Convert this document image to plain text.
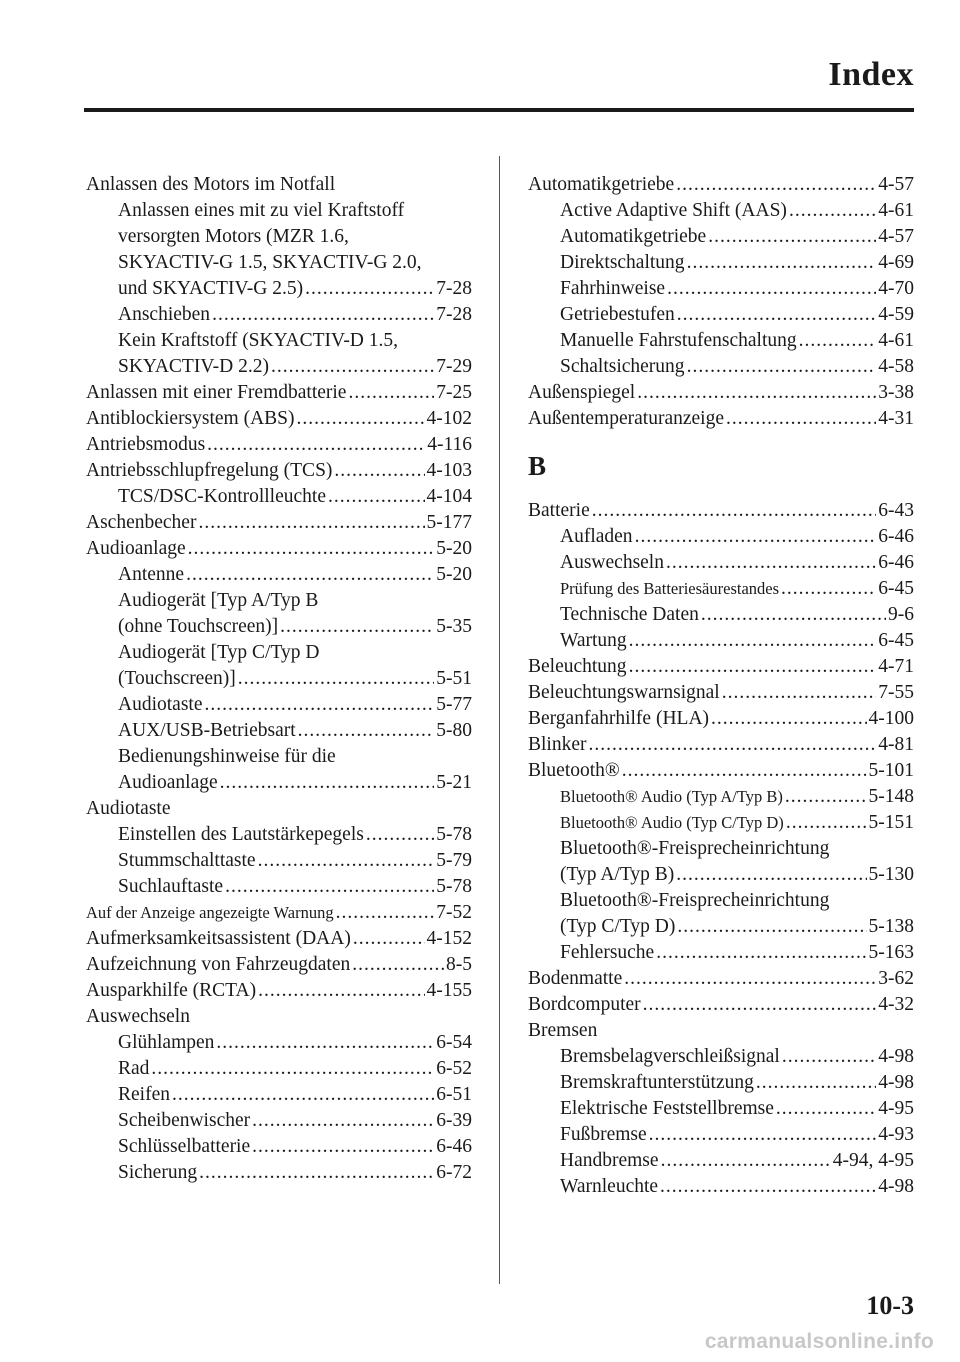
Index
Anlassen des Motors im Notfall
Anlassen eines mit zu viel Kraftstoff
versorgten Motors (MZR 1.6,
SKYACTIV-G 1.5, SKYACTIV-G 2.0,
und SKYACTIV-G 2.5) .....	7-28
Anschieben .....	7-28
Kein Kraftstoff (SKYACTIV-D 1.5,
SKYACTIV-D 2.2) .....	7-29
Anlassen mit einer Fremdbatterie .....	7-25
Antiblockiersystem (ABS) .....	4-102
Antriebsmodus .....	4-116
Antriebsschlupfregelung (TCS) .....	4-103
TCS/DSC-Kontrollleuchte .....	4-104
Aschenbecher .....	5-177
Audioanlage .....	5-20
Antenne .....	5-20
Audiogerät [Typ A/Typ B
(ohne Touchscreen)] .....	5-35
Audiogerät [Typ C/Typ D
(Touchscreen)] .....	5-51
Audiotaste .....	5-77
AUX/USB-Betriebsart .....	5-80
Bedienungshinweise für die
Audioanlage .....	5-21
Audiotaste
Einstellen des Lautstärkepegels .....	5-78
Stummschalttaste .....	5-79
Suchlauftaste .....	5-78
Auf der Anzeige angezeigte Warnung .....	7-52
Aufmerksamkeitsassistent (DAA) .....	4-152
Aufzeichnung von Fahrzeugdaten .....	8-5
Ausparkhilfe (RCTA) .....	4-155
Auswechseln
Glühlampen .....	6-54
Rad .....	6-52
Reifen .....	6-51
Scheibenwischer .....	6-39
Schlüsselbatterie .....	6-46
Sicherung .....	6-72
Automatikgetriebe .....	4-57
Active Adaptive Shift (AAS) .....	4-61
Automatikgetriebe .....	4-57
Direktschaltung .....	4-69
Fahrhinweise .....	4-70
Getriebestufen .....	4-59
Manuelle Fahrstufenschaltung .....	4-61
Schaltsicherung .....	4-58
Außenspiegel .....	3-38
Außentemperaturanzeige .....	4-31
B
Batterie .....	6-43
Aufladen .....	6-46
Auswechseln .....	6-46
Prüfung des Batteriesäurestandes .....	6-45
Technische Daten .....	9-6
Wartung .....	6-45
Beleuchtung .....	4-71
Beleuchtungswarnsignal .....	7-55
Berganfahrhilfe (HLA) .....	4-100
Blinker .....	4-81
Bluetooth® .....	5-101
Bluetooth® Audio (Typ A/Typ B) .....	5-148
Bluetooth® Audio (Typ C/Typ D) .....	5-151
Bluetooth®-Freisprecheinrichtung
(Typ A/Typ B) .....	5-130
Bluetooth®-Freisprecheinrichtung
(Typ C/Typ D) .....	5-138
Fehlersuche .....	5-163
Bodenmatte .....	3-62
Bordcomputer .....	4-32
Bremsen
Bremsbelagverschleißsignal .....	4-98
Bremskraftunterstützung .....	4-98
Elektrische Feststellbremse .....	4-95
Fußbremse .....	4-93
Handbremse .....	4-94, 4-95
Warnleuchte .....	4-98
10-3
carmanualsonline.info
